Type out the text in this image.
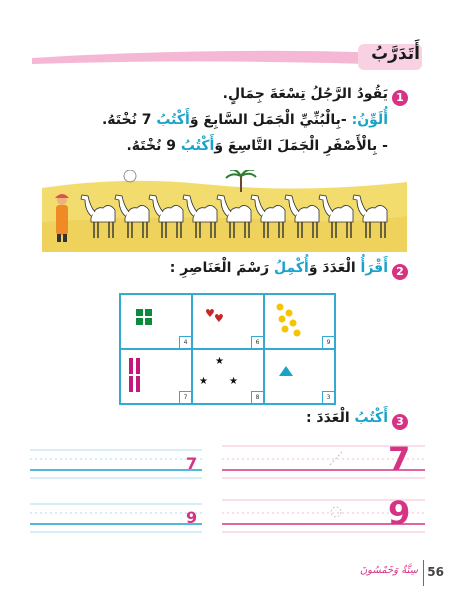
أَتَدَرَّبُ
1
يَقُودُ الرَّجُلُ تِسْعَةَ جِمَالٍ.
أُلَوِّنُ: -بِالْبُنِّيِّ الْجَمَلَ السَّابِعَ وَأَكْتُبُ 7 نُخْتَهُ.
- بِالْأَصْفَرِ الْجَمَلَ التَّاسِعَ وَأَكْتُبُ 9 نُخْتَهُ.
2
أَقْرَأُ الْعَدَدَ وَأُكْمِلُ رَسْمَ الْعَنَاصِرِ :
4
♥ ♥
6	9
7
★
★ ★
8	3
3
أَكْتُبُ الْعَدَدَ :
7
9
7
9
56
سِتَّةٌ وَخَمْسُونَ
